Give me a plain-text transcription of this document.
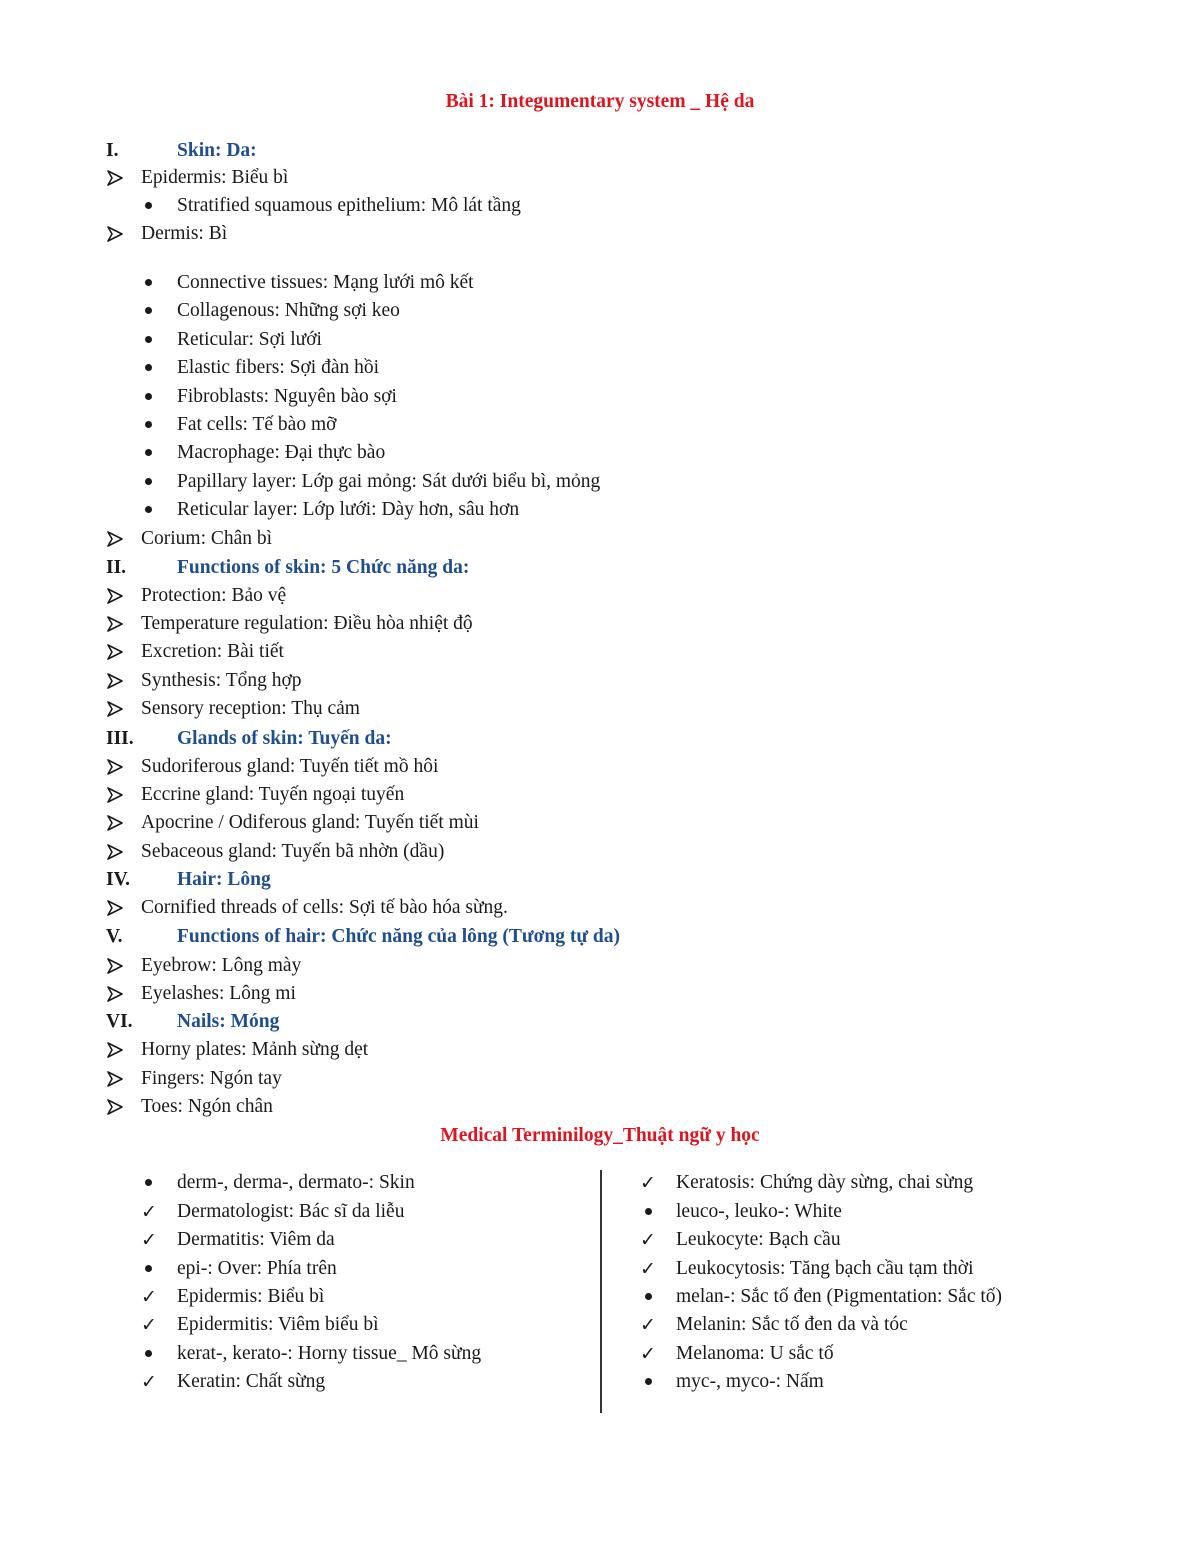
Bài 1: Integumentary system _ Hệ da
I.	Skin: Da:
Epidermis: Biểu bì
Stratified squamous epithelium: Mô lát tầng
Dermis: Bì
Connective tissues: Mạng lưới mô kết
Collagenous: Những sợi keo
Reticular: Sợi lưới
Elastic fibers: Sợi đàn hồi
Fibroblasts: Nguyên bào sợi
Fat cells: Tế bào mỡ
Macrophage: Đại thực bào
Papillary layer: Lớp gai mỏng: Sát dưới biểu bì, mỏng
Reticular layer: Lớp lưới: Dày hơn, sâu hơn
Corium: Chân bì
II.	Functions of skin: 5 Chức năng da:
Protection: Bảo vệ
Temperature regulation: Điều hòa nhiệt độ
Excretion: Bài tiết
Synthesis: Tổng hợp
Sensory reception: Thụ cảm
III. Glands of skin: Tuyến da:
Sudoriferous gland: Tuyến tiết mồ hôi
Eccrine gland: Tuyến ngoại tuyến
Apocrine / Odiferous gland: Tuyến tiết mùi
Sebaceous gland: Tuyến bã nhờn (dầu)
IV. Hair: Lông
Cornified threads of cells: Sợi tế bào hóa sừng.
V.	Functions of hair: Chức năng của lông (Tương tự da)
Eyebrow: Lông mày
Eyelashes: Lông mi
VI. Nails: Móng
Horny plates: Mảnh sừng dẹt
Fingers: Ngón tay
Toes: Ngón chân
Medical Terminilogy_Thuật ngữ y học
derm-, derma-, dermato-: Skin
✓ Dermatologist: Bác sĩ da liễu
✓ Dermatitis: Viêm da
epi-: Over: Phía trên
✓ Epidermis: Biểu bì
✓ Epidermitis: Viêm biểu bì
kerat-, kerato-: Horny tissue_ Mô sừng
✓ Keratin: Chất sừng
✓ Keratosis: Chứng dày sừng, chai sừng
leuco-, leuko-: White
✓ Leukocyte: Bạch cầu
✓ Leukocytosis: Tăng bạch cầu tạm thời
melan-: Sắc tố đen (Pigmentation: Sắc tố)
✓ Melanin: Sắc tố đen da và tóc
✓ Melanoma: U sắc tố
myc-, myco-: Nấm
